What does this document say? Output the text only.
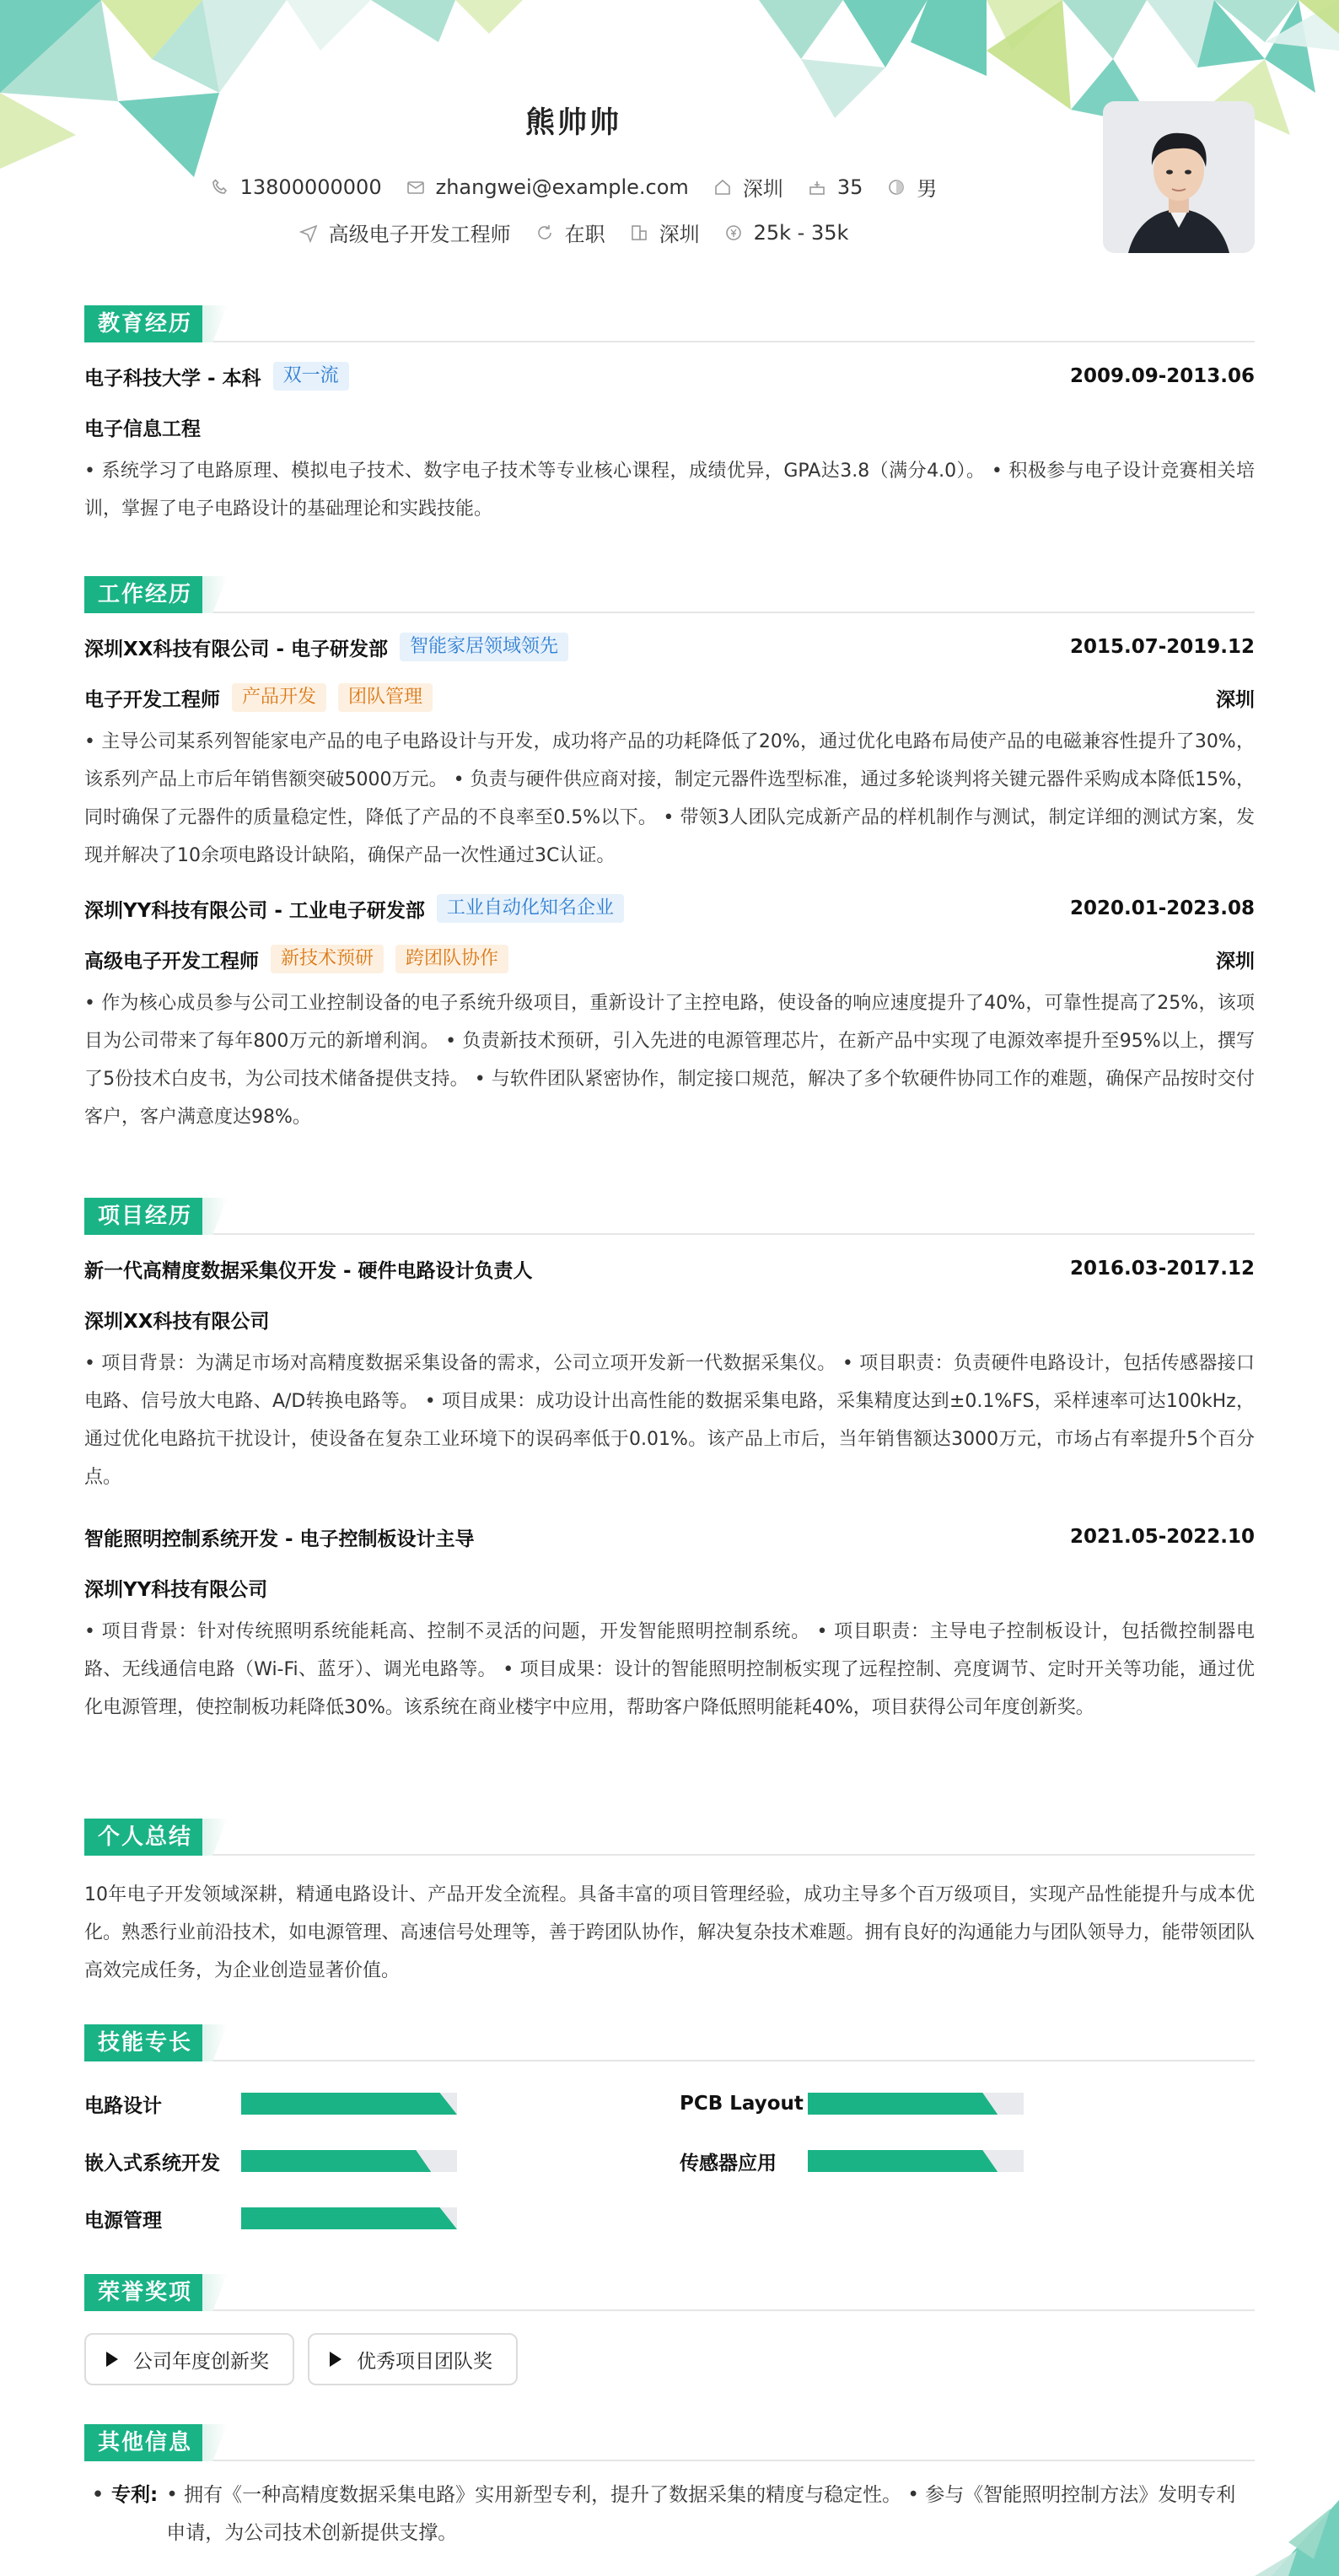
熊帅帅
13800000000	zhangwei@example.com	深圳	35	男
高级电子开发工程师	在职	深圳	25k - 35k
教育经历
电子科技大学 - 本科	双一流	2009.09-2013.06
电子信息工程

• 系统学习了电路原理、模拟电子技术、数字电子技术等专业核心课程，成绩优异，GPA达3.8（满分4.0）。 • 积极参与电子设计竞赛相关培训，掌握了电子电路设计的基础理论和实践技能。

工作经历
深圳XX科技有限公司 - 电子研发部	智能家居领域领先	2015.07-2019.12
电子开发工程师	产品开发	团队管理	深圳

• 主导公司某系列智能家电产品的电子电路设计与开发，成功将产品的功耗降低了20%，通过优化电路布局使产品的电磁兼容性提升了30%，该系列产品上市后年销售额突破5000万元。 • 负责与硬件供应商对接，制定元器件选型标准，通过多轮谈判将关键元器件采购成本降低15%，同时确保了元器件的质量稳定性，降低了产品的不良率至0.5%以下。 • 带领3人团队完成新产品的样机制作与测试，制定详细的测试方案，发现并解决了10余项电路设计缺陷，确保产品一次性通过3C认证。

深圳YY科技有限公司 - 工业电子研发部	工业自动化知名企业	2020.01-2023.08
高级电子开发工程师	新技术预研	跨团队协作	深圳

• 作为核心成员参与公司工业控制设备的电子系统升级项目，重新设计了主控电路，使设备的响应速度提升了40%，可靠性提高了25%，该项目为公司带来了每年800万元的新增利润。 • 负责新技术预研，引入先进的电源管理芯片，在新产品中实现了电源效率提升至95%以上，撰写了5份技术白皮书，为公司技术储备提供支持。 • 与软件团队紧密协作，制定接口规范，解决了多个软硬件协同工作的难题，确保产品按时交付客户，客户满意度达98%。

项目经历
新一代高精度数据采集仪开发 - 硬件电路设计负责人	2016.03-2017.12
深圳XX科技有限公司

• 项目背景：为满足市场对高精度数据采集设备的需求，公司立项开发新一代数据采集仪。 • 项目职责：负责硬件电路设计，包括传感器接口电路、信号放大电路、A/D转换电路等。 • 项目成果：成功设计出高性能的数据采集电路，采集精度达到±0.1%FS，采样速率可达100kHz，通过优化电路抗干扰设计，使设备在复杂工业环境下的误码率低于0.01%。该产品上市后，当年销售额达3000万元，市场占有率提升5个百分点。

智能照明控制系统开发 - 电子控制板设计主导	2021.05-2022.10
深圳YY科技有限公司

• 项目背景：针对传统照明系统能耗高、控制不灵活的问题，开发智能照明控制系统。 • 项目职责：主导电子控制板设计，包括微控制器电路、无线通信电路（Wi-Fi、蓝牙）、调光电路等。 • 项目成果：设计的智能照明控制板实现了远程控制、亮度调节、定时开关等功能，通过优化电源管理，使控制板功耗降低30%。该系统在商业楼宇中应用，帮助客户降低照明能耗40%，项目获得公司年度创新奖。

个人总结

10年电子开发领域深耕，精通电路设计、产品开发全流程。具备丰富的项目管理经验，成功主导多个百万级项目，实现产品性能提升与成本优化。熟悉行业前沿技术，如电源管理、高速信号处理等，善于跨团队协作，解决复杂技术难题。拥有良好的沟通能力与团队领导力，能带领团队高效完成任务，为企业创造显著价值。

技能专长
电路设计	PCB Layout
嵌入式系统开发	传感器应用
电源管理
荣誉奖项
公司年度创新奖	优秀项目团队奖
其他信息
• 专利: • 拥有《一种高精度数据采集电路》实用新型专利，提升了数据采集的精度与稳定性。 • 参与《智能照明控制方法》发明专利申请，为公司技术创新提供支撑。
